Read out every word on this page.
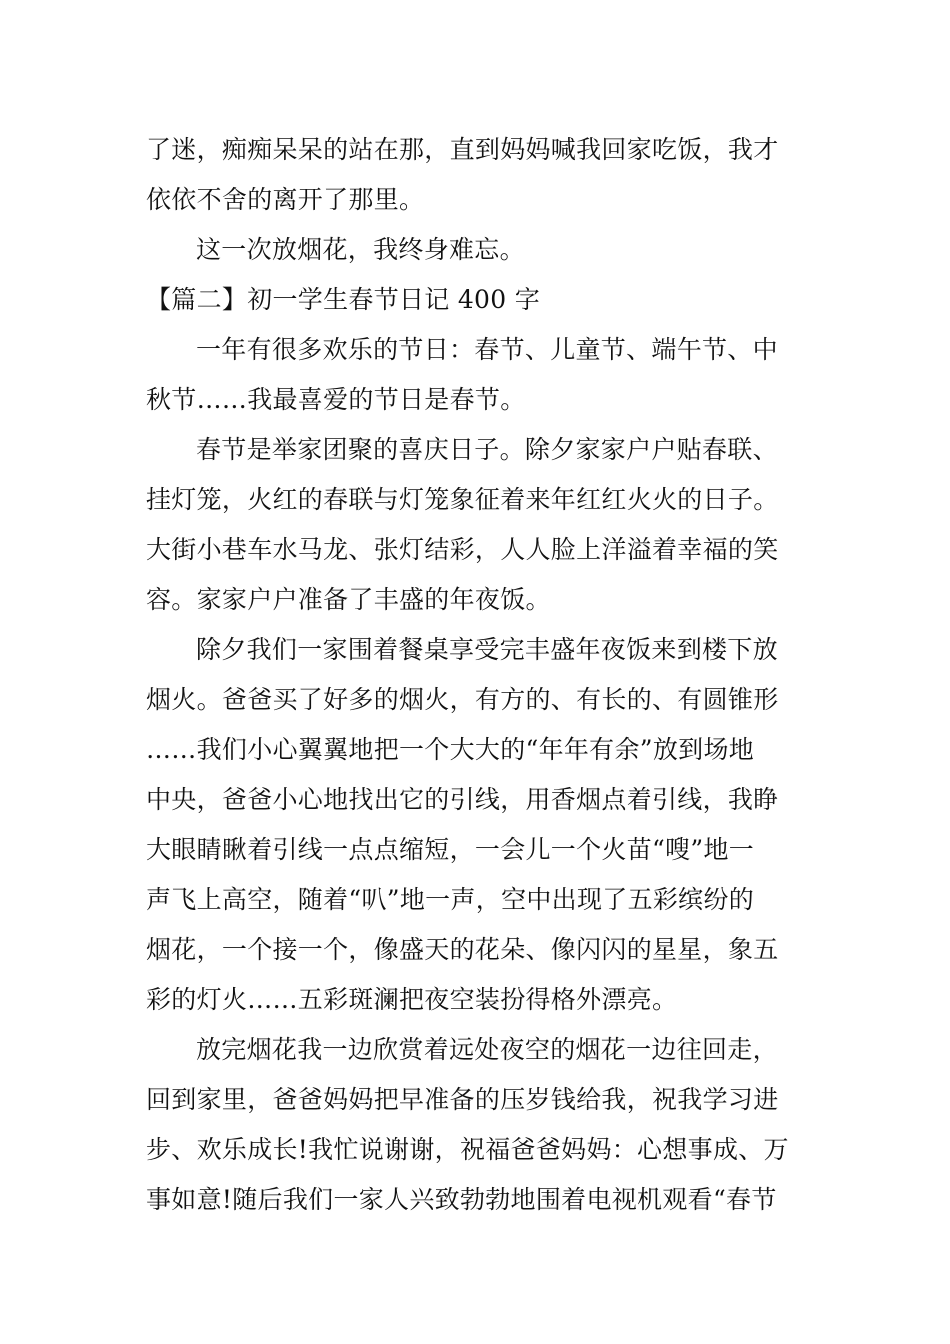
了迷，痴痴呆呆的站在那，直到妈妈喊我回家吃饭，我才
依依不舍的离开了那里。
这一次放烟花，我终身难忘。
【篇二】初一学生春节日记 400 字
一年有很多欢乐的节日：春节、儿童节、端午节、中
秋节……我最喜爱的节日是春节。
春节是举家团聚的喜庆日子。除夕家家户户贴春联、
挂灯笼，火红的春联与灯笼象征着来年红红火火的日子。
大街小巷车水马龙、张灯结彩，人人脸上洋溢着幸福的笑
容。家家户户准备了丰盛的年夜饭。
除夕我们一家围着餐桌享受完丰盛年夜饭来到楼下放
烟火。爸爸买了好多的烟火，有方的、有长的、有圆锥形
……我们小心翼翼地把一个大大的“年年有余”放到场地
中央，爸爸小心地找出它的引线，用香烟点着引线，我睁
大眼睛瞅着引线一点点缩短，一会儿一个火苗“嗖”地一
声飞上高空，随着“叭”地一声，空中出现了五彩缤纷的
烟花，一个接一个，像盛天的花朵、像闪闪的星星，象五
彩的灯火……五彩斑澜把夜空装扮得格外漂亮。
放完烟花我一边欣赏着远处夜空的烟花一边往回走，
回到家里，爸爸妈妈把早准备的压岁钱给我，祝我学习进
步、欢乐成长!我忙说谢谢，祝福爸爸妈妈：心想事成、万
事如意!随后我们一家人兴致勃勃地围着电视机观看“春节
